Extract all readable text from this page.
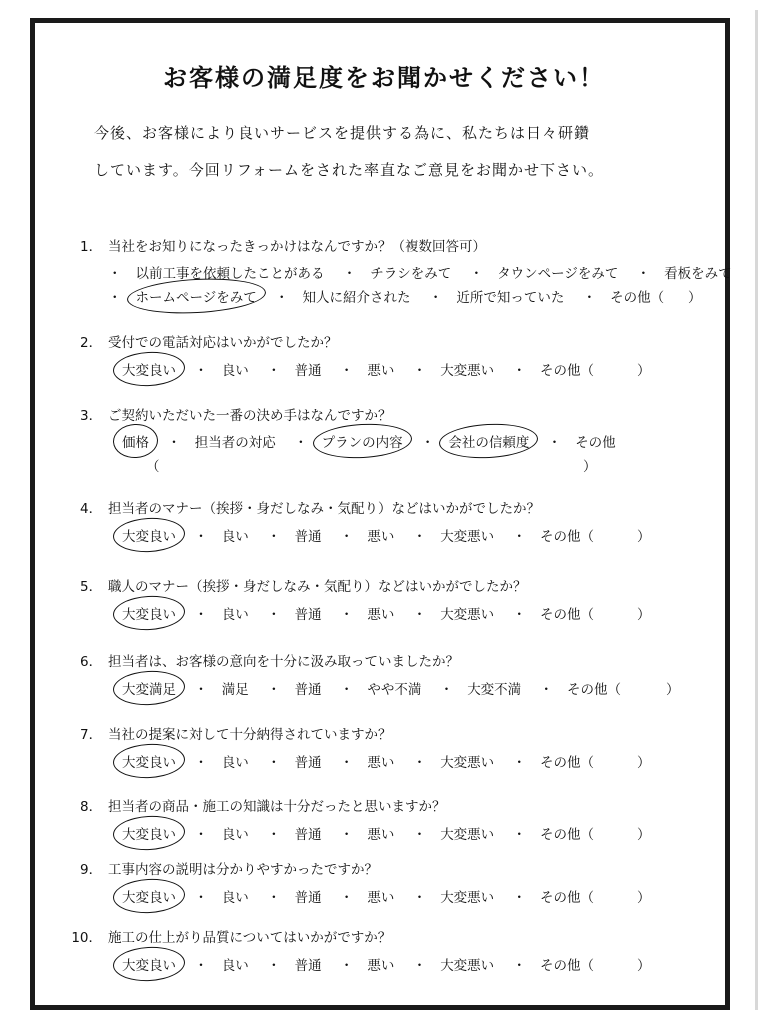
お客様の満足度をお聞かせください！
今後、お客様により良いサービスを提供する為に、私たちは日々研鑽
しています。今回リフォームをされた率直なご意見をお聞かせ下さい。
1． 当社をお知りになったきっかけはなんですか？（複数回答可）
・ 以前工事を依頼したことがある ・ チラシをみて ・ タウンページをみて ・ 看板をみて
・ ホームページをみて ・ 知人に紹介された ・ 近所で知っていた ・ その他（ ）
2． 受付での電話対応はいかがでしたか？
大変良い ・ 良い ・ 普通 ・ 悪い ・ 大変悪い ・ その他（	）
3． ご契約いただいた一番の決め手はなんですか？
価格 ・ 担当者の対応 ・ プランの内容 ・ 会社の信頼度 ・ その他
（	）
4． 担当者のマナー（挨拶・身だしなみ・気配り）などはいかがでしたか？
大変良い ・ 良い ・ 普通 ・ 悪い ・ 大変悪い ・ その他（	）
5． 職人のマナー（挨拶・身だしなみ・気配り）などはいかがでしたか？
大変良い ・ 良い ・ 普通 ・ 悪い ・ 大変悪い ・ その他（	）
6． 担当者は、お客様の意向を十分に汲み取っていましたか？
大変満足 ・ 満足 ・ 普通 ・ やや不満 ・ 大変不満 ・ その他（	）
7． 当社の提案に対して十分納得されていますか？
大変良い ・ 良い ・ 普通 ・ 悪い ・ 大変悪い ・ その他（	）
8． 担当者の商品・施工の知識は十分だったと思いますか？
大変良い ・ 良い ・ 普通 ・ 悪い ・ 大変悪い ・ その他（	）
9． 工事内容の説明は分かりやすかったですか？
大変良い ・ 良い ・ 普通 ・ 悪い ・ 大変悪い ・ その他（	）
10． 施工の仕上がり品質についてはいかがですか？
大変良い ・ 良い ・ 普通 ・ 悪い ・ 大変悪い ・ その他（	）
